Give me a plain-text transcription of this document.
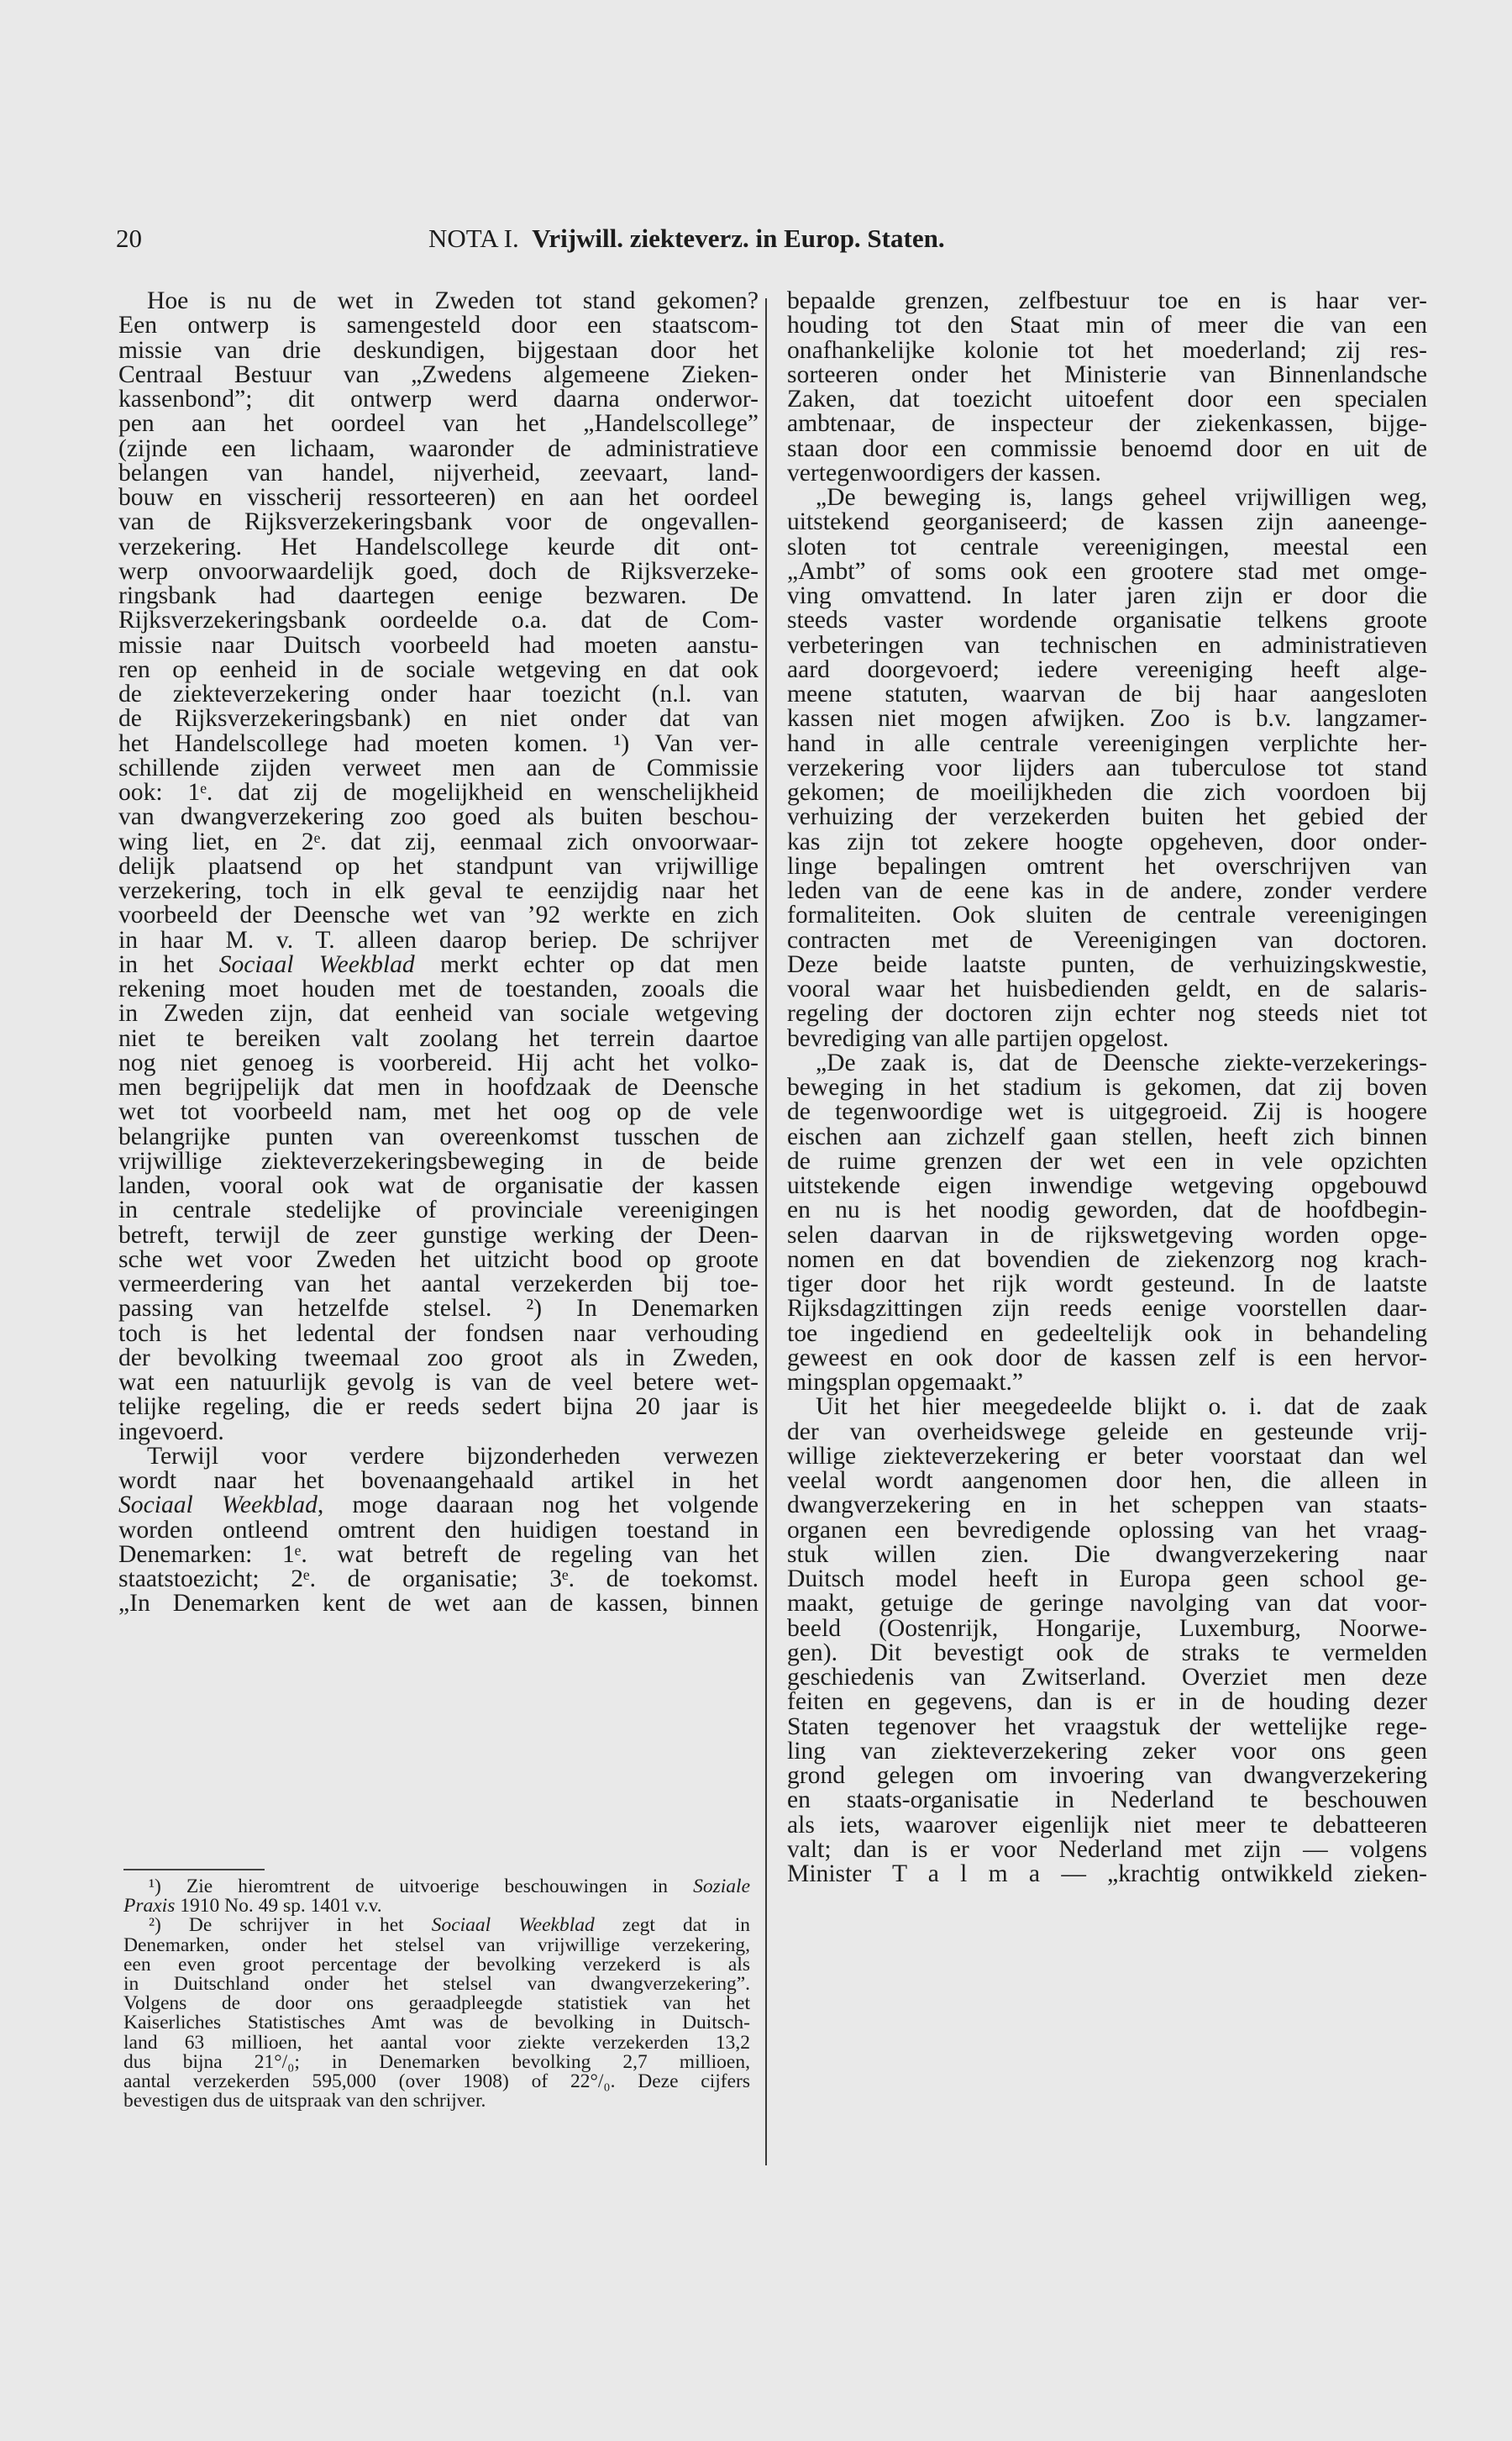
20	NOTA I. Vrijwill. ziekteverz. in Europ. Staten.
Hoe is nu de wet in Zweden tot stand gekomen?
Een ontwerp is samengesteld door een staatscom-
missie van drie deskundigen, bijgestaan door het
Centraal Bestuur van „Zwedens algemeene Zieken-
kassenbond”; dit ontwerp werd daarna onderwor-
pen aan het oordeel van het „Handelscollege”
(zijnde een lichaam, waaronder de administratieve
belangen van handel, nijverheid, zeevaart, land-
bouw en visscherij ressorteeren) en aan het oordeel
van de Rijksverzekeringsbank voor de ongevallen-
verzekering. Het Handelscollege keurde dit ont-
werp onvoorwaardelijk goed, doch de Rijksverzeke-
ringsbank had daartegen eenige bezwaren. De
Rijksverzekeringsbank oordeelde o.a. dat de Com-
missie naar Duitsch voorbeeld had moeten aanstu-
ren op eenheid in de sociale wetgeving en dat ook
de ziekteverzekering onder haar toezicht (n.l. van
de Rijksverzekeringsbank) en niet onder dat van
het Handelscollege had moeten komen. ¹) Van ver-
schillende zijden verweet men aan de Commissie
ook: 1ᵉ. dat zij de mogelijkheid en wenschelijkheid
van dwangverzekering zoo goed als buiten beschou-
wing liet, en 2ᵉ. dat zij, eenmaal zich onvoorwaar-
delijk plaatsend op het standpunt van vrijwillige
verzekering, toch in elk geval te eenzijdig naar het
voorbeeld der Deensche wet van ’92 werkte en zich
in haar M. v. T. alleen daarop beriep. De schrijver
in het Sociaal Weekblad merkt echter op dat men
rekening moet houden met de toestanden, zooals die
in Zweden zijn, dat eenheid van sociale wetgeving
niet te bereiken valt zoolang het terrein daartoe
nog niet genoeg is voorbereid. Hij acht het volko-
men begrijpelijk dat men in hoofdzaak de Deensche
wet tot voorbeeld nam, met het oog op de vele
belangrijke punten van overeenkomst tusschen de
vrijwillige ziekteverzekeringsbeweging in de beide
landen, vooral ook wat de organisatie der kassen
in centrale stedelijke of provinciale vereenigingen
betreft, terwijl de zeer gunstige werking der Deen-
sche wet voor Zweden het uitzicht bood op groote
vermeerdering van het aantal verzekerden bij toe-
passing van hetzelfde stelsel. ²) In Denemarken
toch is het ledental der fondsen naar verhouding
der bevolking tweemaal zoo groot als in Zweden,
wat een natuurlijk gevolg is van de veel betere wet-
telijke regeling, die er reeds sedert bijna 20 jaar is
ingevoerd.
Terwijl voor verdere bijzonderheden verwezen
wordt naar het bovenaangehaald artikel in het
Sociaal Weekblad, moge daaraan nog het volgende
worden ontleend omtrent den huidigen toestand in
Denemarken: 1ᵉ. wat betreft de regeling van het
staatstoezicht; 2ᵉ. de organisatie; 3ᵉ. de toekomst.
„In Denemarken kent de wet aan de kassen, binnen
bepaalde grenzen, zelfbestuur toe en is haar ver-
houding tot den Staat min of meer die van een
onafhankelijke kolonie tot het moederland; zij res-
sorteeren onder het Ministerie van Binnenlandsche
Zaken, dat toezicht uitoefent door een specialen
ambtenaar, de inspecteur der ziekenkassen, bijge-
staan door een commissie benoemd door en uit de
vertegenwoordigers der kassen.
„De beweging is, langs geheel vrijwilligen weg,
uitstekend georganiseerd; de kassen zijn aaneenge-
sloten tot centrale vereenigingen, meestal een
„Ambt” of soms ook een grootere stad met omge-
ving omvattend. In later jaren zijn er door die
steeds vaster wordende organisatie telkens groote
verbeteringen van technischen en administratieven
aard doorgevoerd; iedere vereeniging heeft alge-
meene statuten, waarvan de bij haar aangesloten
kassen niet mogen afwijken. Zoo is b.v. langzamer-
hand in alle centrale vereenigingen verplichte her-
verzekering voor lijders aan tuberculose tot stand
gekomen; de moeilijkheden die zich voordoen bij
verhuizing der verzekerden buiten het gebied der
kas zijn tot zekere hoogte opgeheven, door onder-
linge bepalingen omtrent het overschrijven van
leden van de eene kas in de andere, zonder verdere
formaliteiten. Ook sluiten de centrale vereenigingen
contracten met de Vereenigingen van doctoren.
Deze beide laatste punten, de verhuizingskwestie,
vooral waar het huisbedienden geldt, en de salaris-
regeling der doctoren zijn echter nog steeds niet tot
bevrediging van alle partijen opgelost.
„De zaak is, dat de Deensche ziekte-verzekerings-
beweging in het stadium is gekomen, dat zij boven
de tegenwoordige wet is uitgegroeid. Zij is hoogere
eischen aan zichzelf gaan stellen, heeft zich binnen
de ruime grenzen der wet een in vele opzichten
uitstekende eigen inwendige wetgeving opgebouwd
en nu is het noodig geworden, dat de hoofdbegin-
selen daarvan in de rijkswetgeving worden opge-
nomen en dat bovendien de ziekenzorg nog krach-
tiger door het rijk wordt gesteund. In de laatste
Rijksdagzittingen zijn reeds eenige voorstellen daar-
toe ingediend en gedeeltelijk ook in behandeling
geweest en ook door de kassen zelf is een hervor-
mingsplan opgemaakt.”
Uit het hier meegedeelde blijkt o. i. dat de zaak
der van overheidswege geleide en gesteunde vrij-
willige ziekteverzekering er beter voorstaat dan wel
veelal wordt aangenomen door hen, die alleen in
dwangverzekering en in het scheppen van staats-
organen een bevredigende oplossing van het vraag-
stuk willen zien. Die dwangverzekering naar
Duitsch model heeft in Europa geen school ge-
maakt, getuige de geringe navolging van dat voor-
beeld (Oostenrijk, Hongarije, Luxemburg, Noorwe-
gen). Dit bevestigt ook de straks te vermelden
geschiedenis van Zwitserland. Overziet men deze
feiten en gegevens, dan is er in de houding dezer
Staten tegenover het vraagstuk der wettelijke rege-
ling van ziekteverzekering zeker voor ons geen
grond gelegen om invoering van dwangverzekering
en staats-organisatie in Nederland te beschouwen
als iets, waarover eigenlijk niet meer te debatteeren
valt; dan is er voor Nederland met zijn — volgens
Minister T a l m a — „krachtig ontwikkeld zieken-
¹) Zie hieromtrent de uitvoerige beschouwingen in Soziale
Praxis 1910 No. 49 sp. 1401 v.v.
²) De schrijver in het Sociaal Weekblad zegt dat in
Denemarken, onder het stelsel van vrijwillige verzekering,
een even groot percentage der bevolking verzekerd is als
in Duitschland onder het stelsel van dwangverzekering”.
Volgens de door ons geraadpleegde statistiek van het
Kaiserliches Statistisches Amt was de bevolking in Duitsch-
land 63 millioen, het aantal voor ziekte verzekerden 13,2
dus bijna 21°/₀; in Denemarken bevolking 2,7 millioen,
aantal verzekerden 595,000 (over 1908) of 22°/₀. Deze cijfers
bevestigen dus de uitspraak van den schrijver.
